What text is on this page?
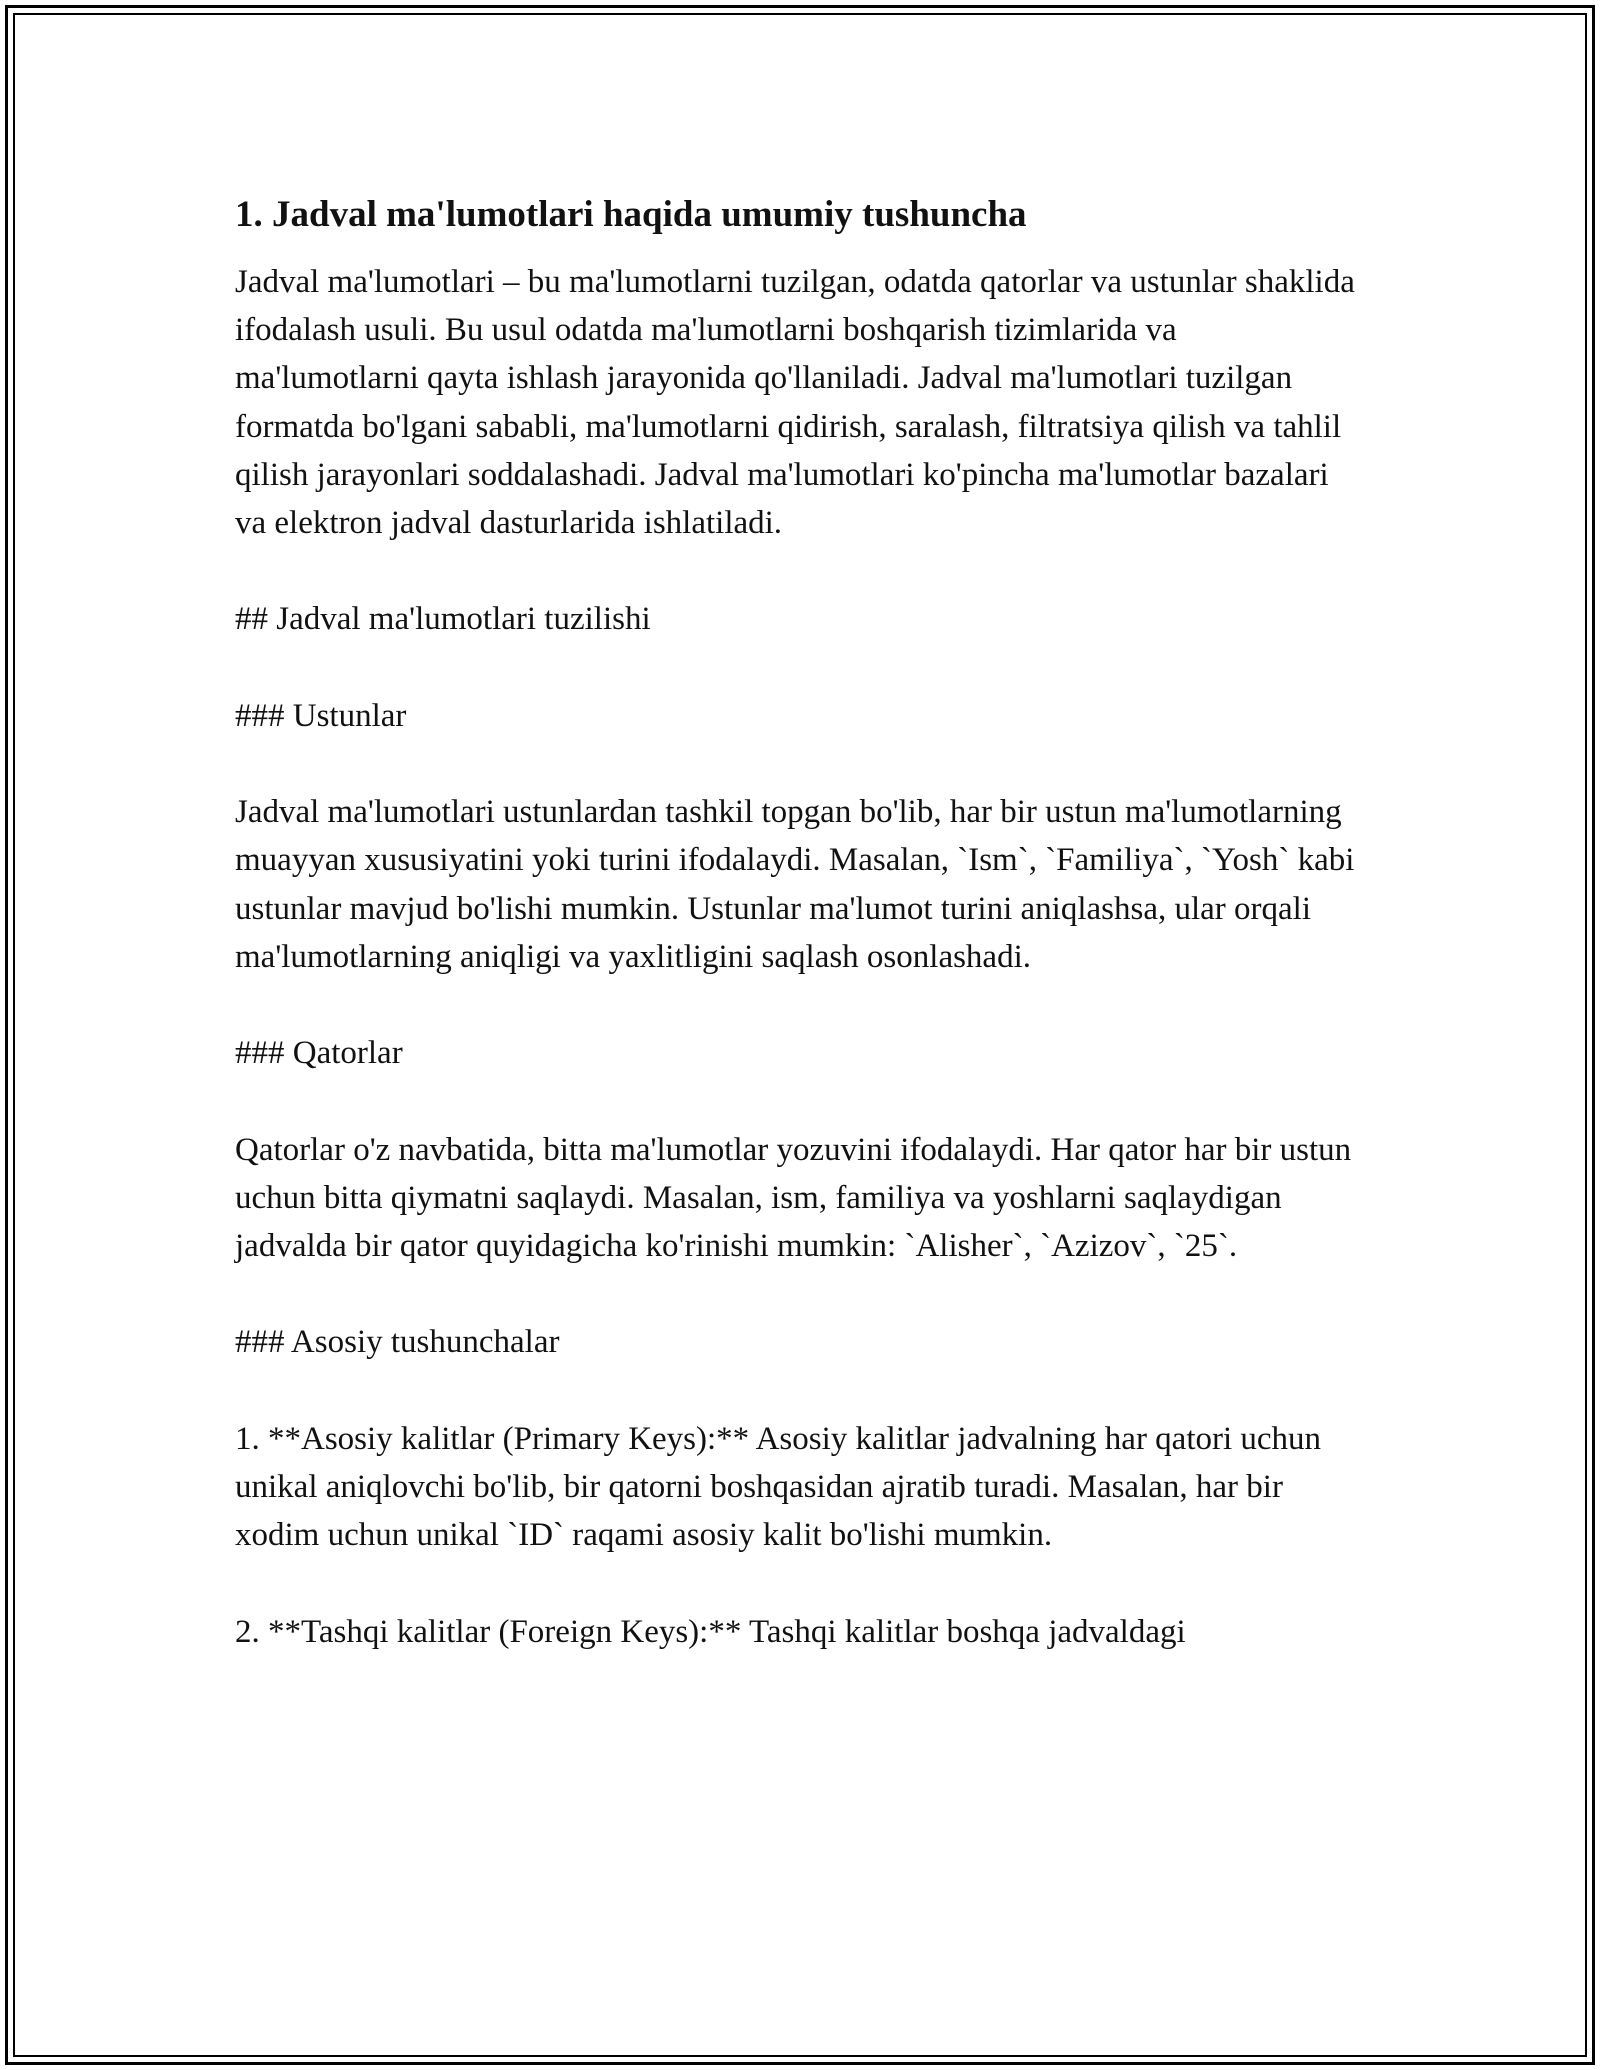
1. Jadval ma'lumotlari haqida umumiy tushuncha
Jadval ma'lumotlari – bu ma'lumotlarni tuzilgan, odatda qatorlar va ustunlar shaklida ifodalash usuli. Bu usul odatda ma'lumotlarni boshqarish tizimlarida va ma'lumotlarni qayta ishlash jarayonida qo'llaniladi. Jadval ma'lumotlari tuzilgan formatda bo'lgani sababli, ma'lumotlarni qidirish, saralash, filtratsiya qilish va tahlil qilish jarayonlari soddalashadi. Jadval ma'lumotlari ko'pincha ma'lumotlar bazalari va elektron jadval dasturlarida ishlatiladi.
## Jadval ma'lumotlari tuzilishi
### Ustunlar
Jadval ma'lumotlari ustunlardan tashkil topgan bo'lib, har bir ustun ma'lumotlarning muayyan xususiyatini yoki turini ifodalaydi. Masalan, `Ism`, `Familiya`, `Yosh` kabi ustunlar mavjud bo'lishi mumkin. Ustunlar ma'lumot turini aniqlashsa, ular orqali ma'lumotlarning aniqligi va yaxlitligini saqlash osonlashadi.
### Qatorlar
Qatorlar o'z navbatida, bitta ma'lumotlar yozuvini ifodalaydi. Har qator har bir ustun uchun bitta qiymatni saqlaydi. Masalan, ism, familiya va yoshlarni saqlaydigan jadvalda bir qator quyidagicha ko'rinishi mumkin: `Alisher`, `Azizov`, `25`.
### Asosiy tushunchalar
1. **Asosiy kalitlar (Primary Keys):** Asosiy kalitlar jadvalning har qatori uchun unikal aniqlovchi bo'lib, bir qatorni boshqasidan ajratib turadi. Masalan, har bir xodim uchun unikal `ID` raqami asosiy kalit bo'lishi mumkin.
2. **Tashqi kalitlar (Foreign Keys):** Tashqi kalitlar boshqa jadvaldagi
